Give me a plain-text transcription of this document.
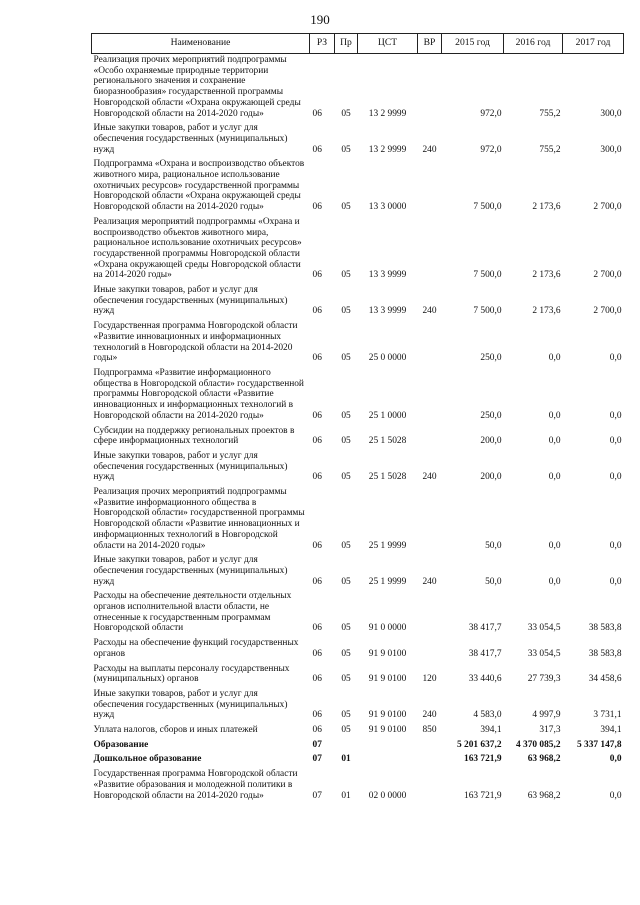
190
Наименование	РЗ	Пр	ЦСТ	ВР	2015 год	2016 год	2017 год
Реализация прочих мероприятий подпрограммы «Особо охраняемые природные территории регионального значения и сохранение биоразнообразия» государственной программы Новгородской области «Охрана окружающей среды Новгородской области на 2014-2020 годы»	06	05	13 2 9999		972,0	755,2	300,0
Иные закупки товаров, работ и услуг для обеспечения государственных (муниципальных) нужд	06	05	13 2 9999	240	972,0	755,2	300,0
Подпрограмма «Охрана и воспроизводство объектов животного мира, рациональное использование охотничьих ресурсов» государственной программы Новгородской области «Охрана окружающей среды Новгородской области на 2014-2020 годы»	06	05	13 3 0000		7 500,0	2 173,6	2 700,0
Реализация мероприятий подпрограммы «Охрана и воспроизводство объектов животного мира, рациональное использование охотничьих ресурсов» государственной программы Новгородской области «Охрана окружающей среды Новгородской области на 2014-2020 годы»	06	05	13 3 9999		7 500,0	2 173,6	2 700,0
Иные закупки товаров, работ и услуг для обеспечения государственных (муниципальных) нужд	06	05	13 3 9999	240	7 500,0	2 173,6	2 700,0
Государственная программа Новгородской области «Развитие инновационных и информационных технологий в Новгородской области на 2014-2020 годы»	06	05	25 0 0000		250,0	0,0	0,0
Подпрограмма «Развитие информационного общества в Новгородской области» государственной программы Новгородской области «Развитие инновационных и информационных технологий в Новгородской области на 2014-2020 годы»	06	05	25 1 0000		250,0	0,0	0,0
Субсидии на поддержку региональных проектов в сфере информационных технологий	06	05	25 1 5028		200,0	0,0	0,0
Иные закупки товаров, работ и услуг для обеспечения государственных (муниципальных) нужд	06	05	25 1 5028	240	200,0	0,0	0,0
Реализация прочих мероприятий подпрограммы «Развитие информационного общества в Новгородской области» государственной программы Новгородской области «Развитие инновационных и информационных технологий в Новгородской области на 2014-2020 годы»	06	05	25 1 9999		50,0	0,0	0,0
Иные закупки товаров, работ и услуг для обеспечения государственных (муниципальных) нужд	06	05	25 1 9999	240	50,0	0,0	0,0
Расходы на обеспечение деятельности отдельных органов исполнительной власти области, не отнесенные к государственным программам Новгородской области	06	05	91 0 0000		38 417,7	33 054,5	38 583,8
Расходы на обеспечение функций государственных органов	06	05	91 9 0100		38 417,7	33 054,5	38 583,8
Расходы на выплаты персоналу государственных (муниципальных) органов	06	05	91 9 0100	120	33 440,6	27 739,3	34 458,6
Иные закупки товаров, работ и услуг для обеспечения государственных (муниципальных) нужд	06	05	91 9 0100	240	4 583,0	4 997,9	3 731,1
Уплата налогов, сборов и иных платежей	06	05	91 9 0100	850	394,1	317,3	394,1
Образование	07				5 201 637,2	4 370 085,2	5 337 147,8
Дошкольное образование	07	01			163 721,9	63 968,2	0,0
Государственная программа Новгородской области «Развитие образования и молодежной политики в Новгородской области на 2014-2020 годы»	07	01	02 0 0000		163 721,9	63 968,2	0,0
